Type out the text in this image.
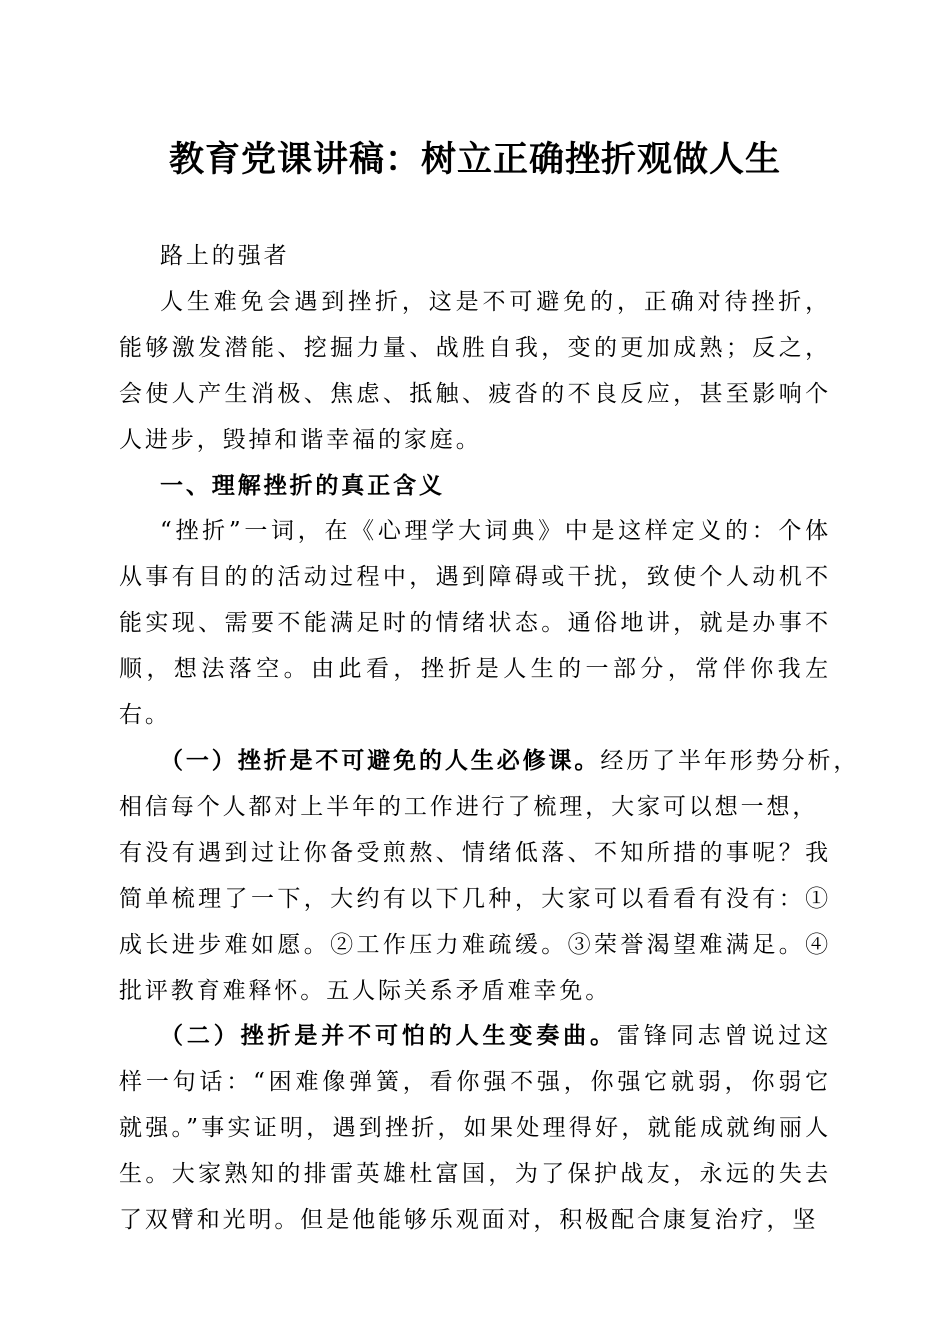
教育党课讲稿：树立正确挫折观做人生

路上的强者

人生难免会遇到挫折，这是不可避免的，正确对待挫折，能够激发潜能、挖掘力量、战胜自我，变的更加成熟；反之，会使人产生消极、焦虑、抵触、疲沓的不良反应，甚至影响个人进步，毁掉和谐幸福的家庭。

一、理解挫折的真正含义

“挫折”一词，在《心理学大词典》中是这样定义的：个体从事有目的的活动过程中，遇到障碍或干扰，致使个人动机不能实现、需要不能满足时的情绪状态。通俗地讲，就是办事不顺，想法落空。由此看，挫折是人生的一部分，常伴你我左右。

（一）挫折是不可避免的人生必修课。经历了半年形势分析，

相信每个人都对上半年的工作进行了梳理，大家可以想一想，

有没有遇到过让你备受煎熬、情绪低落、不知所措的事呢？我简单梳理了一下，大约有以下几种，大家可以看看有没有：①成长进步难如愿。②工作压力难疏缓。③荣誉渴望难满足。④批评教育难释怀。五人际关系矛盾难幸免。

（二）挫折是并不可怕的人生变奏曲。雷锋同志曾说过这样一句话：“困难像弹簧，看你强不强，你强它就弱，你弱它就强。”事实证明，遇到挫折，如果处理得好，就能成就绚丽人生。大家熟知的排雷英雄杜富国，为了保护战友，永远的失去了双臂和光明。但是他能够乐观面对，积极配合康复治疗，坚
